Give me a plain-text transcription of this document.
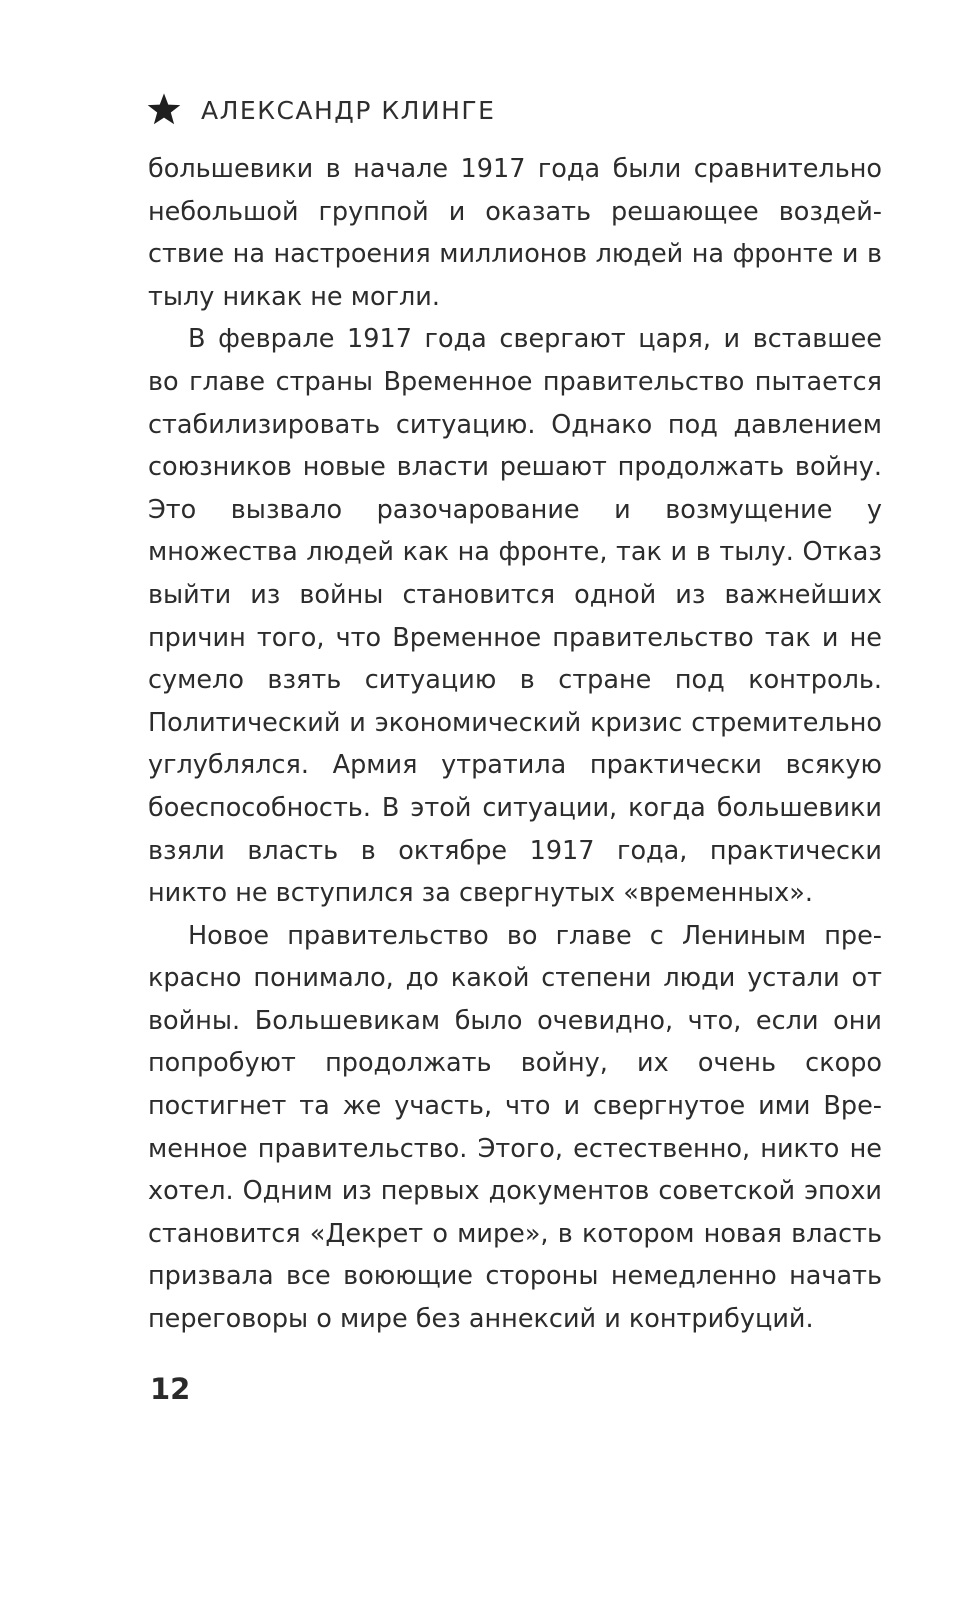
АЛЕКСАНДР КЛИНГЕ

большевики в начале 1917 года были сравнительно небольшой группой и оказать решающее воздействие на настроения миллионов людей на фронте и в тылу никак не могли.

В феврале 1917 года свергают царя, и вставшее во главе страны Временное правительство пытается стабилизировать ситуацию. Однако под давлением союзников новые власти решают продолжать войну. Это вызвало разочарование и возмущение у множества людей как на фронте, так и в тылу. Отказ выйти из войны становится одной из важнейших причин того, что Временное правительство так и не сумело взять ситуацию в стране под контроль. Политический и экономический кризис стремительно углублялся. Армия утратила практически всякую боеспособность. В этой ситуации, когда большевики взяли власть в октябре 1917 года, практически никто не вступился за свергнутых «временных».

Новое правительство во главе с Лениным прекрасно понимало, до какой степени люди устали от войны. Большевикам было очевидно, что, если они попробуют продолжать войну, их очень скоро постигнет та же участь, что и свергнутое ими Временное правительство. Этого, естественно, никто не хотел. Одним из первых документов советской эпохи становится «Декрет о мире», в котором новая власть призвала все воюющие стороны немедленно начать переговоры о мире без аннексий и контрибуций.

12
